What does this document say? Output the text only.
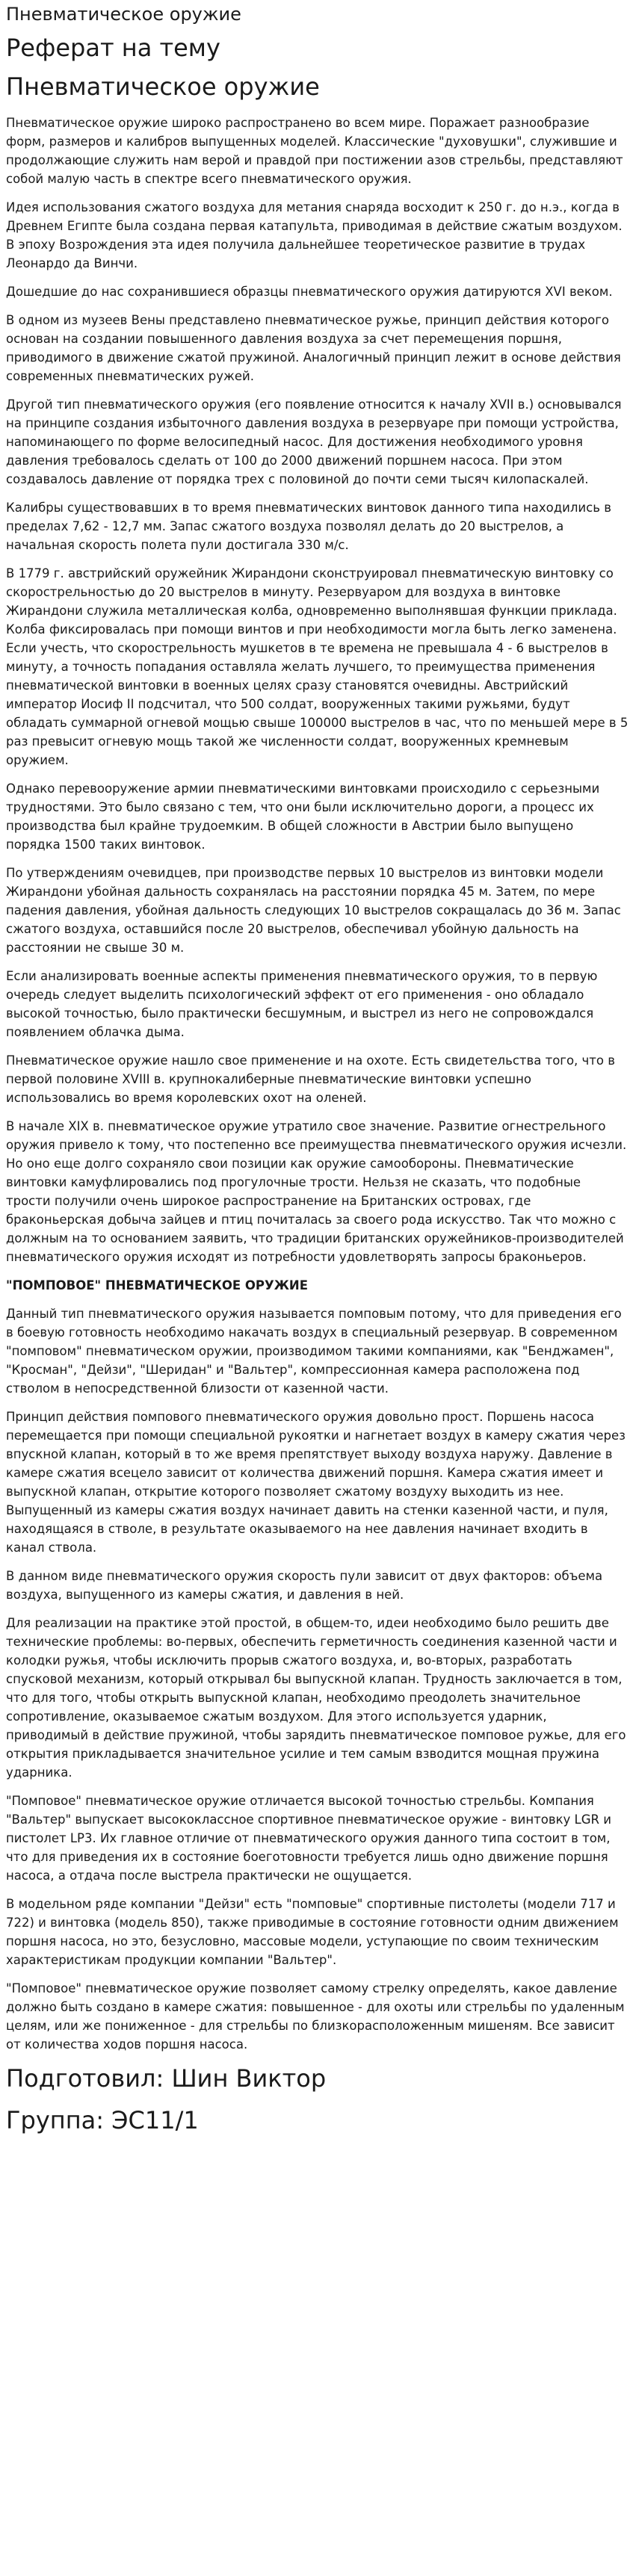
Пневматическое оружие
Реферат на тему
Пневматическое оружие

Пневматическое оружие широко распространено во всем мире. Поражает разнообразие форм, размеров и калибров выпущенных моделей. Классические "духовушки", служившие и продолжающие служить нам верой и правдой при постижении азов стрельбы, представляют собой малую часть в спектре всего пневматического оружия.

Идея использования сжатого воздуха для метания снаряда восходит к 250 г. до н.э., когда в Древнем Египте была создана первая катапульта, приводимая в действие сжатым воздухом. В эпоху Возрождения эта идея получила дальнейшее теоретическое развитие в трудах Леонардо да Винчи.

Дошедшие до нас сохранившиеся образцы пневматического оружия датируются XVI веком.

В одном из музеев Вены представлено пневматическое ружье, принцип действия которого основан на создании повышенного давления воздуха за счет перемещения поршня, приводимого в движение сжатой пружиной. Аналогичный принцип лежит в основе действия современных пневматических ружей.

Другой тип пневматического оружия (его появление относится к началу XVII в.) основывался на принципе создания избыточного давления воздуха в резервуаре при помощи устройства, напоминающего по форме велосипедный насос. Для достижения необходимого уровня давления требовалось сделать от 100 до 2000 движений поршнем насоса. При этом создавалось давление от порядка трех с половиной до почти семи тысяч килопаскалей.

Калибры существовавших в то время пневматических винтовок данного типа находились в пределах 7,62 - 12,7 мм. Запас сжатого воздуха позволял делать до 20 выстрелов, а начальная скорость полета пули достигала 330 м/с.

В 1779 г. австрийский оружейник Жирандони сконструировал пневматическую винтовку со скорострельностью до 20 выстрелов в минуту. Резервуаром для воздуха в винтовке Жирандони служила металлическая колба, одновременно выполнявшая функции приклада. Колба фиксировалась при помощи винтов и при необходимости могла быть легко заменена. Если учесть, что скорострельность мушкетов в те времена не превышала 4 - 6 выстрелов в минуту, а точность попадания оставляла желать лучшего, то преимущества применения пневматической винтовки в военных целях сразу становятся очевидны. Австрийский император Иосиф II подсчитал, что 500 солдат, вооруженных такими ружьями, будут обладать суммарной огневой мощью свыше 100000 выстрелов в час, что по меньшей мере в 5 раз превысит огневую мощь такой же численности солдат, вооруженных кремневым оружием.

Однако перевооружение армии пневматическими винтовками происходило с серьезными трудностями. Это было связано с тем, что они были исключительно дороги, а процесс их производства был крайне трудоемким. В общей сложности в Австрии было выпущено порядка 1500 таких винтовок.

По утверждениям очевидцев, при производстве первых 10 выстрелов из винтовки модели Жирандони убойная дальность сохранялась на расстоянии порядка 45 м. Затем, по мере падения давления, убойная дальность следующих 10 выстрелов сокращалась до 36 м. Запас сжатого воздуха, оставшийся после 20 выстрелов, обеспечивал убойную дальность на расстоянии не свыше 30 м.

Если анализировать военные аспекты применения пневматического оружия, то в первую очередь следует выделить психологический эффект от его применения - оно обладало высокой точностью, было практически бесшумным, и выстрел из него не сопровождался появлением облачка дыма.

Пневматическое оружие нашло свое применение и на охоте. Есть свидетельства того, что в первой половине XVIII в. крупнокалиберные пневматические винтовки успешно использовались во время королевских охот на оленей.

В начале XIX в. пневматическое оружие утратило свое значение. Развитие огнестрельного оружия привело к тому, что постепенно все преимущества пневматического оружия исчезли. Но оно еще долго сохраняло свои позиции как оружие самообороны. Пневматические винтовки камуфлировались под прогулочные трости. Нельзя не сказать, что подобные трости получили очень широкое распространение на Британских островах, где браконьерская добыча зайцев и птиц почиталась за своего рода искусство. Так что можно с должным на то основанием заявить, что традиции британских оружейников-производителей пневматического оружия исходят из потребности удовлетворять запросы браконьеров.

"ПОМПОВОЕ" ПНЕВМАТИЧЕСКОЕ ОРУЖИЕ

Данный тип пневматического оружия называется помповым потому, что для приведения его в боевую готовность необходимо накачать воздух в специальный резервуар. В современном "помповом" пневматическом оружии, производимом такими компаниями, как "Бенджамен", "Кросман", "Дейзи", "Шеридан" и "Вальтер", компрессионная камера расположена под стволом в непосредственной близости от казенной части.

Принцип действия помпового пневматического оружия довольно прост. Поршень насоса перемещается при помощи специальной рукоятки и нагнетает воздух в камеру сжатия через впускной клапан, который в то же время препятствует выходу воздуха наружу. Давление в камере сжатия всецело зависит от количества движений поршня. Камера сжатия имеет и выпускной клапан, открытие которого позволяет сжатому воздуху выходить из нее. Выпущенный из камеры сжатия воздух начинает давить на стенки казенной части, и пуля, находящаяся в стволе, в результате оказываемого на нее давления начинает входить в канал ствола.

В данном виде пневматического оружия скорость пули зависит от двух факторов: объема воздуха, выпущенного из камеры сжатия, и давления в ней.

Для реализации на практике этой простой, в общем-то, идеи необходимо было решить две технические проблемы: во-первых, обеспечить герметичность соединения казенной части и колодки ружья, чтобы исключить прорыв сжатого воздуха, и, во-вторых, разработать спусковой механизм, который открывал бы выпускной клапан. Трудность заключается в том, что для того, чтобы открыть выпускной клапан, необходимо преодолеть значительное сопротивление, оказываемое сжатым воздухом. Для этого используется ударник, приводимый в действие пружиной, чтобы зарядить пневматическое помповое ружье, для его открытия прикладывается значительное усилие и тем самым взводится мощная пружина ударника.

"Помповое" пневматическое оружие отличается высокой точностью стрельбы. Компания "Вальтер" выпускает высококлассное спортивное пневматическое оружие - винтовку LGR и пистолет LP3. Их главное отличие от пневматического оружия данного типа состоит в том, что для приведения их в состояние боеготовности требуется лишь одно движение поршня насоса, а отдача после выстрела практически не ощущается.

В модельном ряде компании "Дейзи" есть "помповые" спортивные пистолеты (модели 717 и 722) и винтовка (модель 850), также приводимые в состояние готовности одним движением поршня насоса, но это, безусловно, массовые модели, уступающие по своим техническим характеристикам продукции компании "Вальтер".

"Помповое" пневматическое оружие позволяет самому стрелку определять, какое давление должно быть создано в камере сжатия: повышенное - для охоты или стрельбы по удаленным целям, или же пониженное - для стрельбы по близкорасположенным мишеням. Все зависит от количества ходов поршня насоса.

Подготовил: Шин Виктор
Группа: ЭС11/1
